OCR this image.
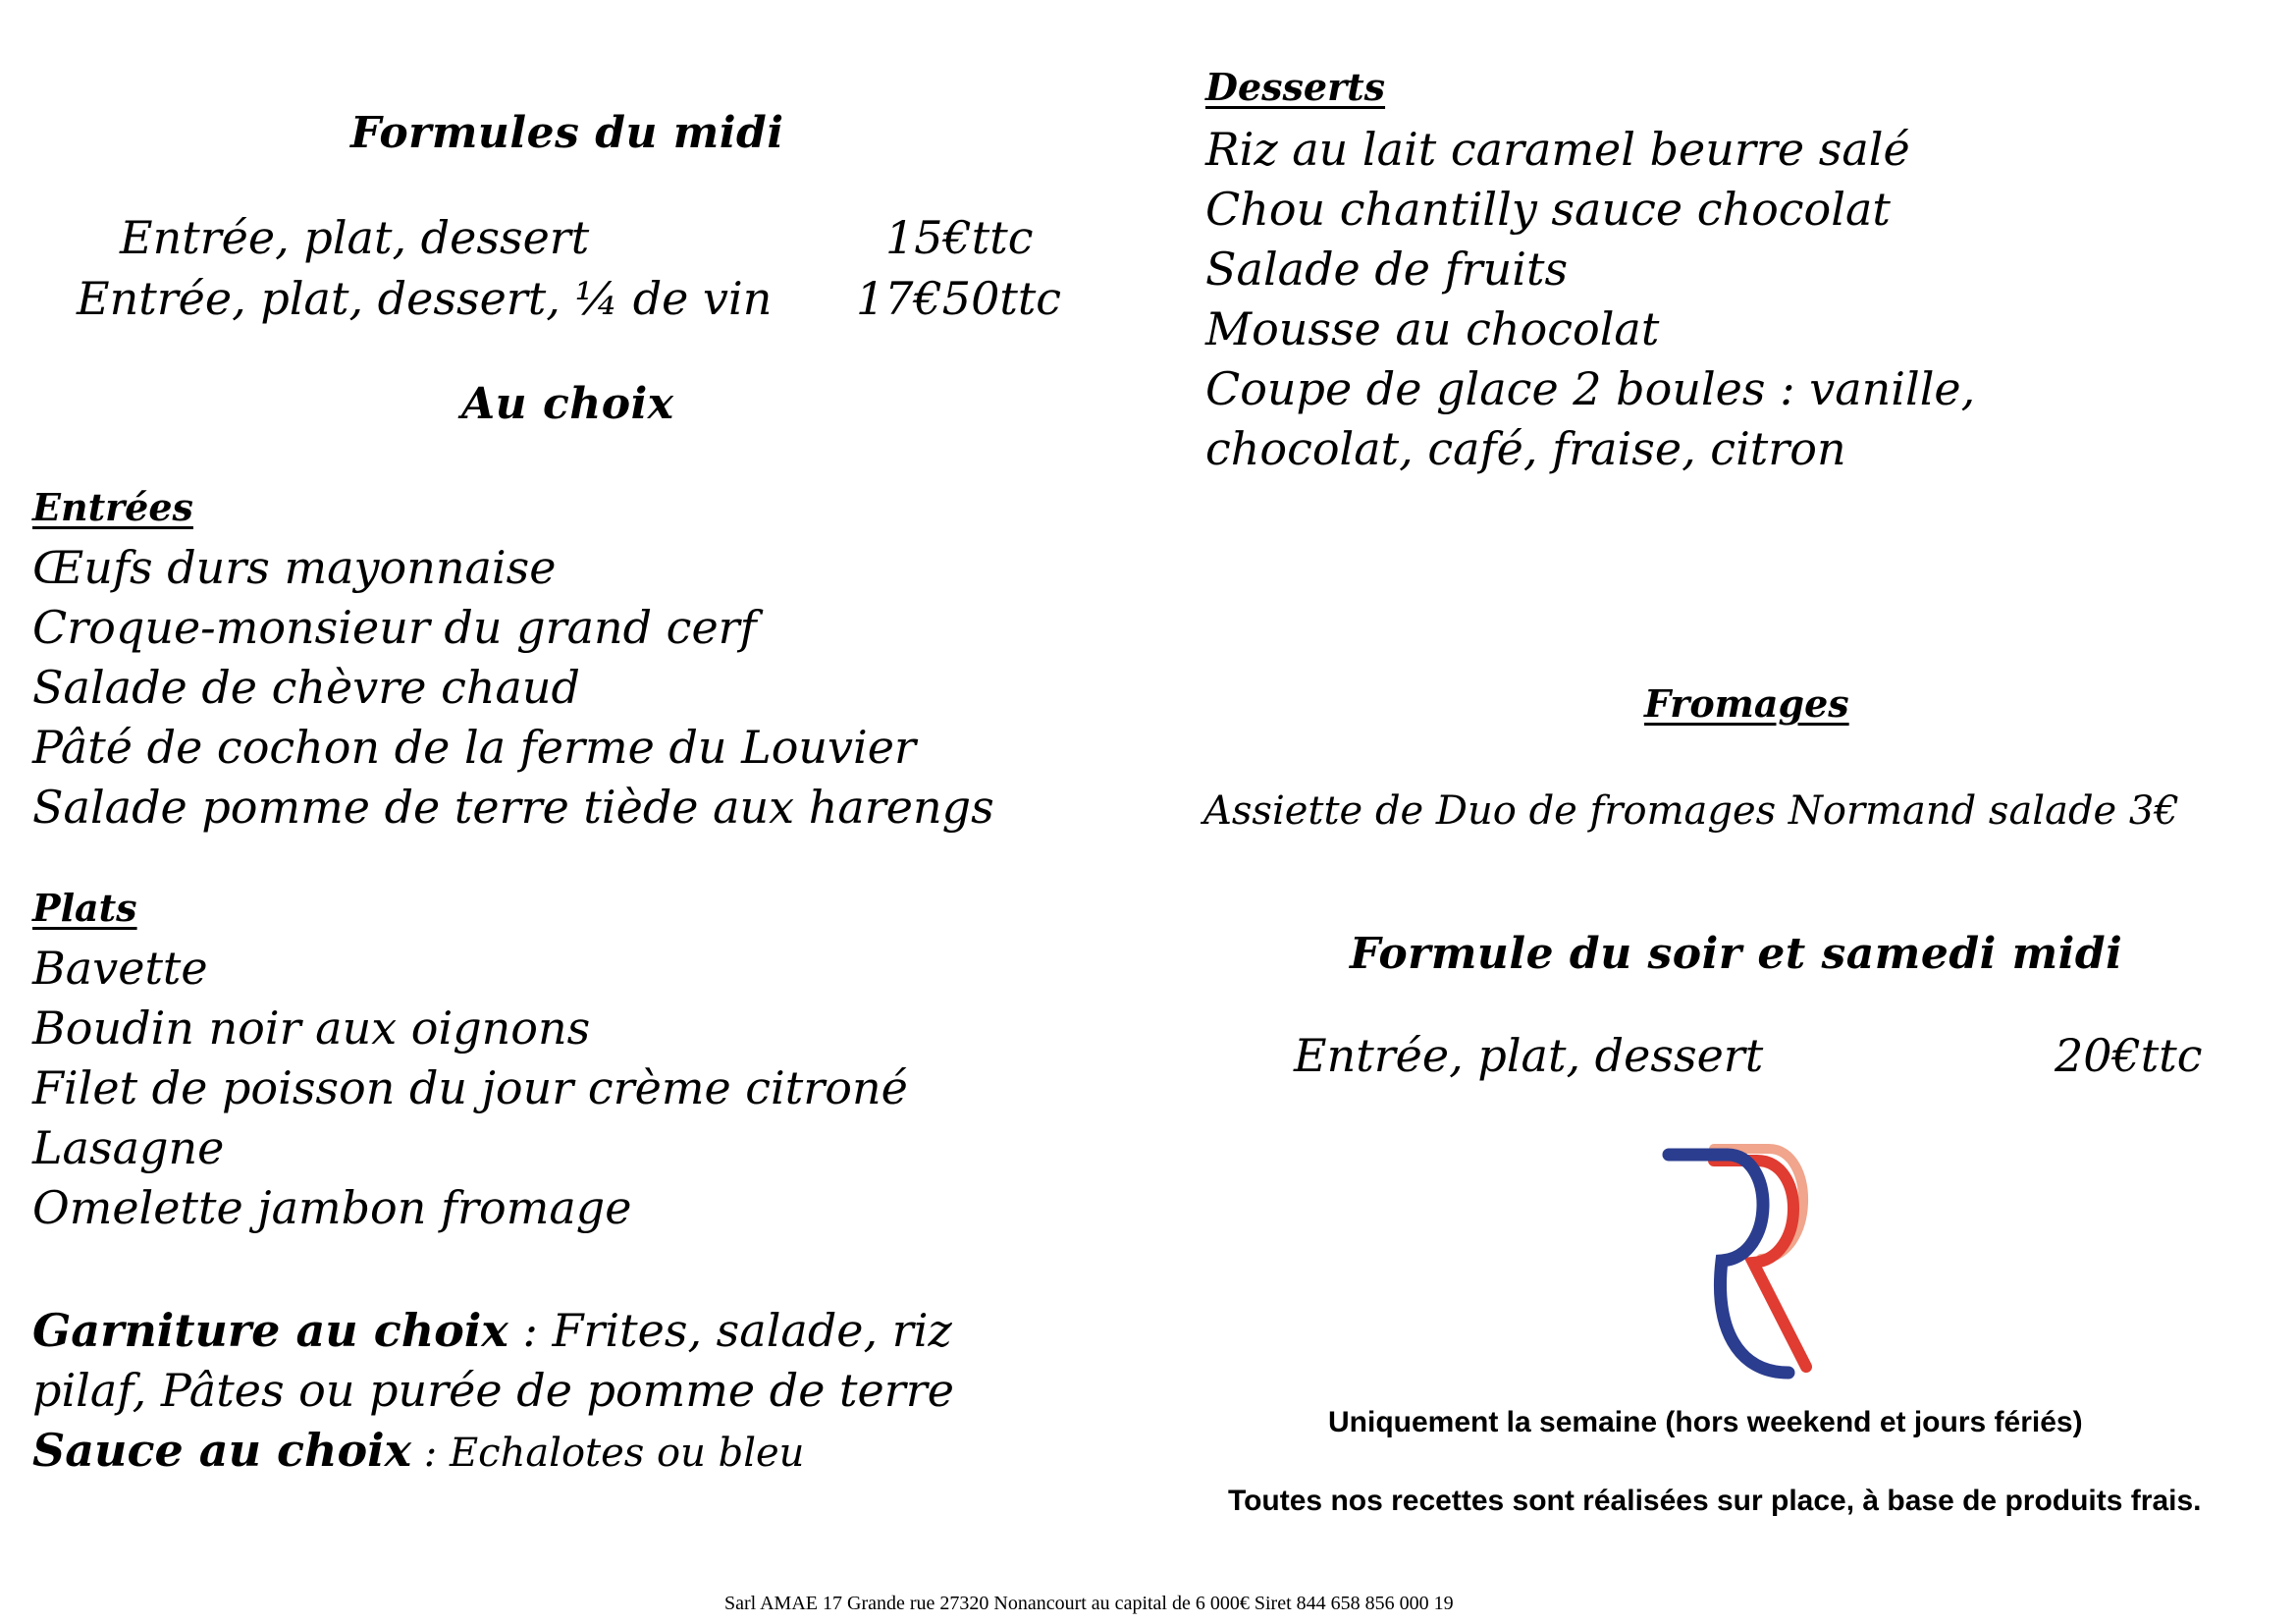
Formules du midi
Entrée, plat, dessert	15€ttc
Entrée, plat, dessert, ¼ de vin 17€50ttc
Au choix
Entrées
Œufs durs mayonnaise
Croque-monsieur du grand cerf
Salade de chèvre chaud
Pâté de cochon de la ferme du Louvier
Salade pomme de terre tiède aux harengs
Plats
Bavette
Boudin noir aux oignons
Filet de poisson du jour crème citroné
Lasagne
Omelette jambon fromage
Garniture au choix : Frites, salade, riz
pilaf, Pâtes ou purée de pomme de terre
Sauce au choix : Echalotes ou bleu
Desserts
Riz au lait caramel beurre salé
Chou chantilly sauce chocolat
Salade de fruits
Mousse au chocolat
Coupe de glace 2 boules : vanille,
chocolat, café, fraise, citron
Fromages
Assiette de Duo de fromages Normand salade 3€
Formule du soir et samedi midi
Entrée, plat, dessert	20€ttc
Uniquement la semaine (hors weekend et jours fériés)
Toutes nos recettes sont réalisées sur place, à base de produits frais.
Sarl AMAE 17 Grande rue 27320 Nonancourt au capital de 6 000€ Siret 844 658 856 000 19
